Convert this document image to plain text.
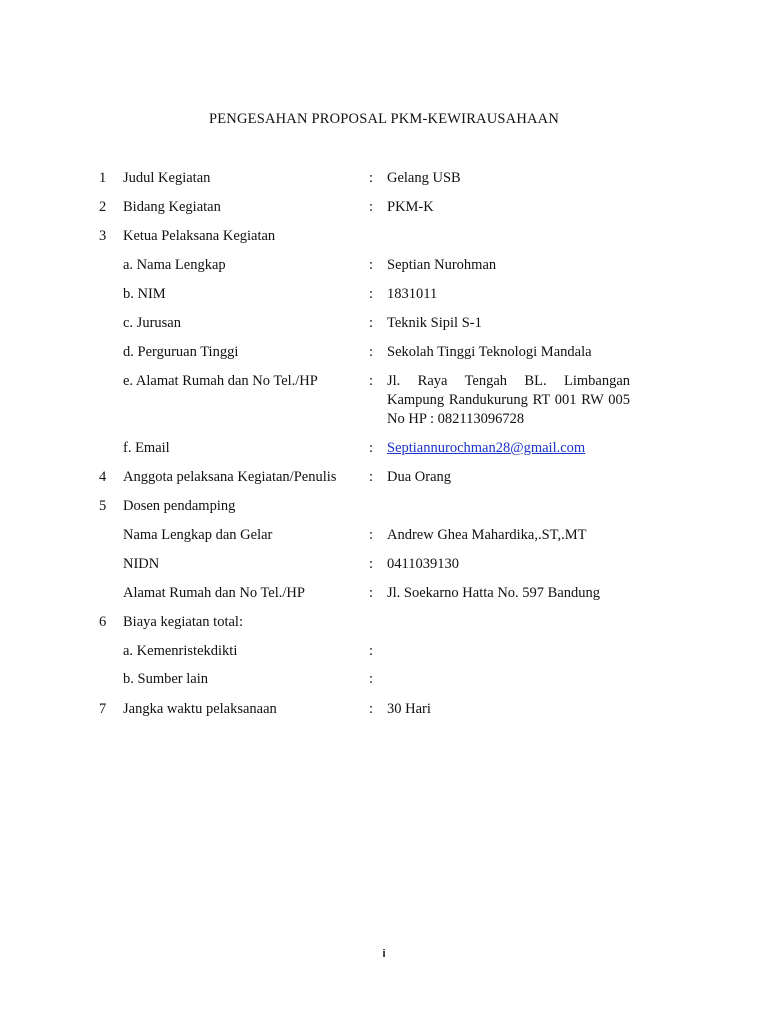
PENGESAHAN PROPOSAL PKM-KEWIRAUSAHAAN
1 Judul Kegiatan	: Gelang USB
2 Bidang Kegiatan	: PKM-K
3 Ketua Pelaksana Kegiatan
a. Nama Lengkap	: Septian Nurohman
b. NIM	: 1831011
c. Jurusan	: Teknik Sipil S-1
d. Perguruan Tinggi	: Sekolah Tinggi Teknologi Mandala
e. Alamat Rumah dan No Tel./HP	: Jl. Raya Tengah BL. Limbangan Kampung Randukurung RT 001 RW 005 No HP : 082113096728
f. Email	: Septiannurochman28@gmail.com
4 Anggota pelaksana Kegiatan/Penulis : Dua Orang
5 Dosen pendamping
Nama Lengkap dan Gelar	: Andrew Ghea Mahardika,.ST,.MT
NIDN	: 0411039130
Alamat Rumah dan No Tel./HP	: Jl. Soekarno Hatta No. 597 Bandung
6 Biaya kegiatan total:
a. Kemenristekdikti	:
b. Sumber lain	:
7 Jangka waktu pelaksanaan	: 30 Hari
i
